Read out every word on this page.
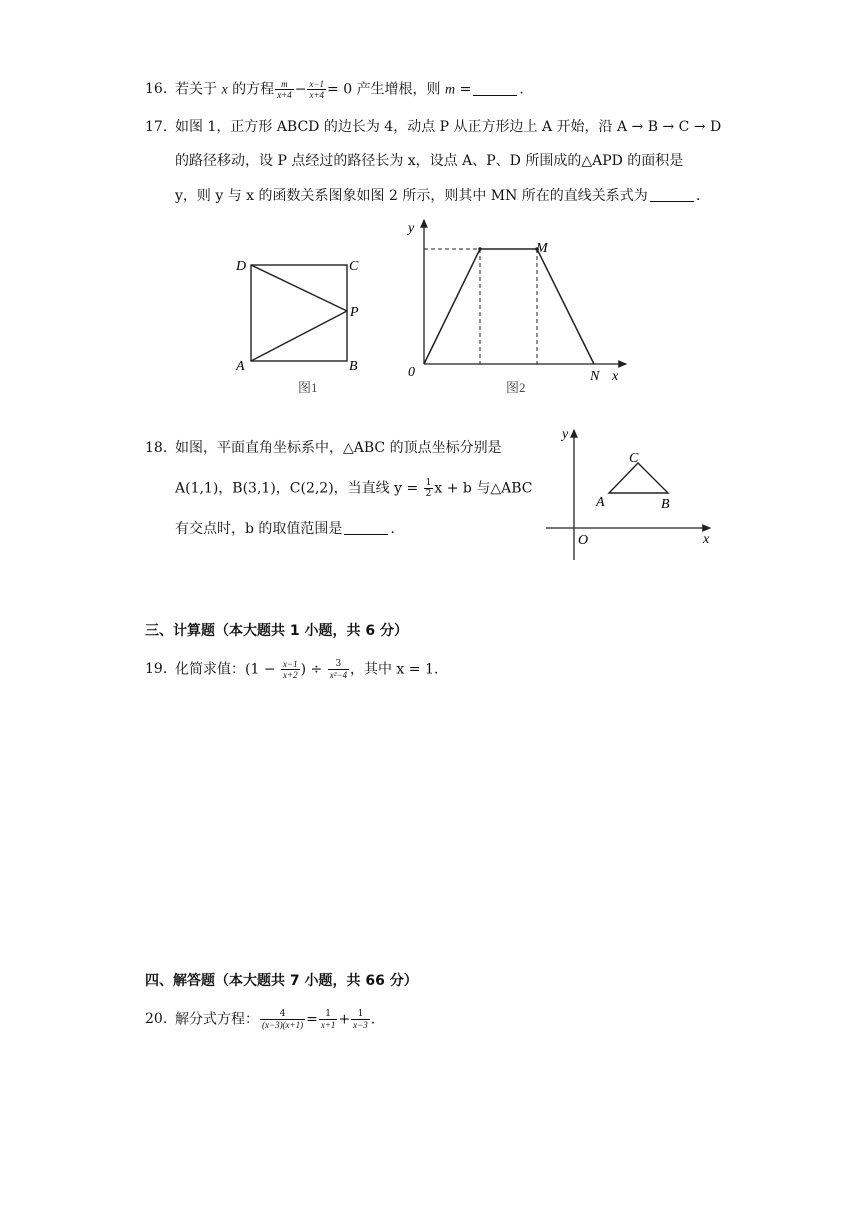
16. 若关于 x 的方程 $\frac{m}{x+4} - \frac{x-1}{x+4} = 0$ 产生增根，则 m =	.
17. 如图 1，正方形 ABCD 的边长为 4，动点 P 从正方形边上 A 开始，沿 A → B → C → D
的路径移动，设 P 点经过的路径长为 x，设点 A、P、D 所围成的△APD 的面积是
y，则 y 与 x 的函数关系图象如图 2 所示，则其中 MN 所在的直线关系式为	.
D	C
P
A	B
图1
y
M
0	N x
图2
18. 如图，平面直角坐标系中，△ABC 的顶点坐标分别是
A(1,1)，B(3,1)，C(2,2)，当直线 $y = \frac{1}{2}$ x + b 与△ABC
有交点时，b 的取值范围是	.
y
x
O
A	B
C
三、计算题（本大题共 1 小题，共 6 分）
19. 化简求值：($1 - \frac{x-1}{x+2}$ ) ÷ $\frac{3}{\text{x²−4}}$ ，其中 x = 1.
四、解答题（本大题共 7 小题，共 66 分）
20. 解分式方程： $\frac{4}{(x-3)(x+1)} = \frac{1}{x+1} + \frac{1}{x-3}$ .
